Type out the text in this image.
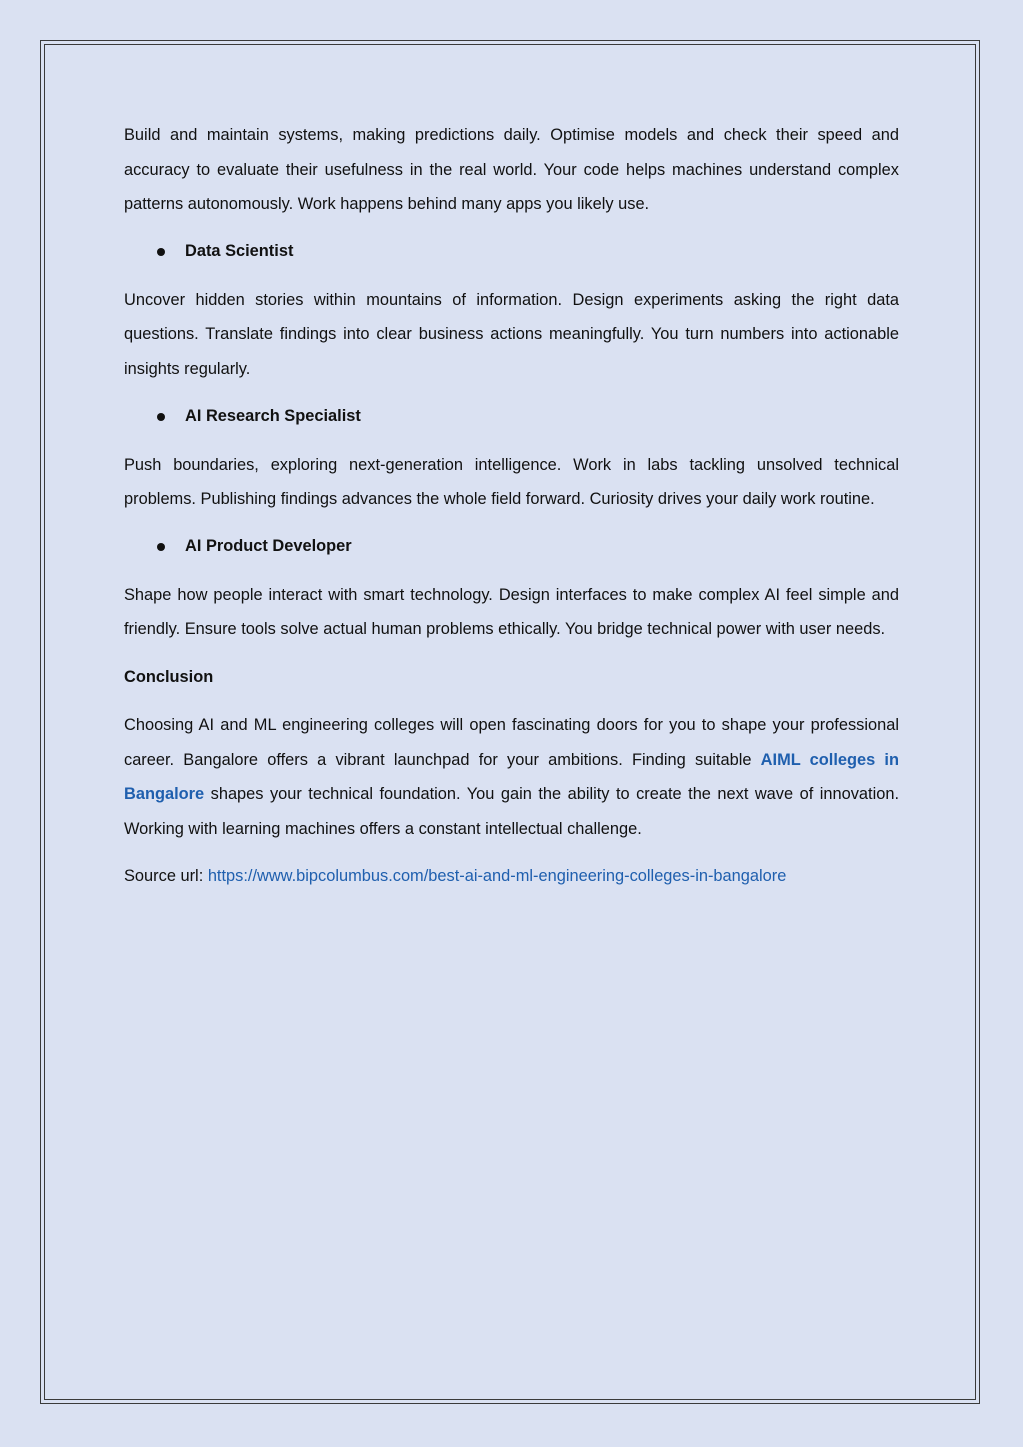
Build and maintain systems, making predictions daily. Optimise models and check their speed and accuracy to evaluate their usefulness in the real world. Your code helps machines understand complex patterns autonomously. Work happens behind many apps you likely use.

Data Scientist

Uncover hidden stories within mountains of information. Design experiments asking the right data questions. Translate findings into clear business actions meaningfully. You turn numbers into actionable insights regularly.

AI Research Specialist

Push boundaries, exploring next-generation intelligence. Work in labs tackling unsolved technical problems. Publishing findings advances the whole field forward. Curiosity drives your daily work routine.

AI Product Developer

Shape how people interact with smart technology. Design interfaces to make complex AI feel simple and friendly. Ensure tools solve actual human problems ethically. You bridge technical power with user needs.

Conclusion

Choosing AI and ML engineering colleges will open fascinating doors for you to shape your professional career. Bangalore offers a vibrant launchpad for your ambitions. Finding suitable AIML colleges in Bangalore shapes your technical foundation. You gain the ability to create the next wave of innovation. Working with learning machines offers a constant intellectual challenge.

Source url: https://www.bipcolumbus.com/best-ai-and-ml-engineering-colleges-in-bangalore
